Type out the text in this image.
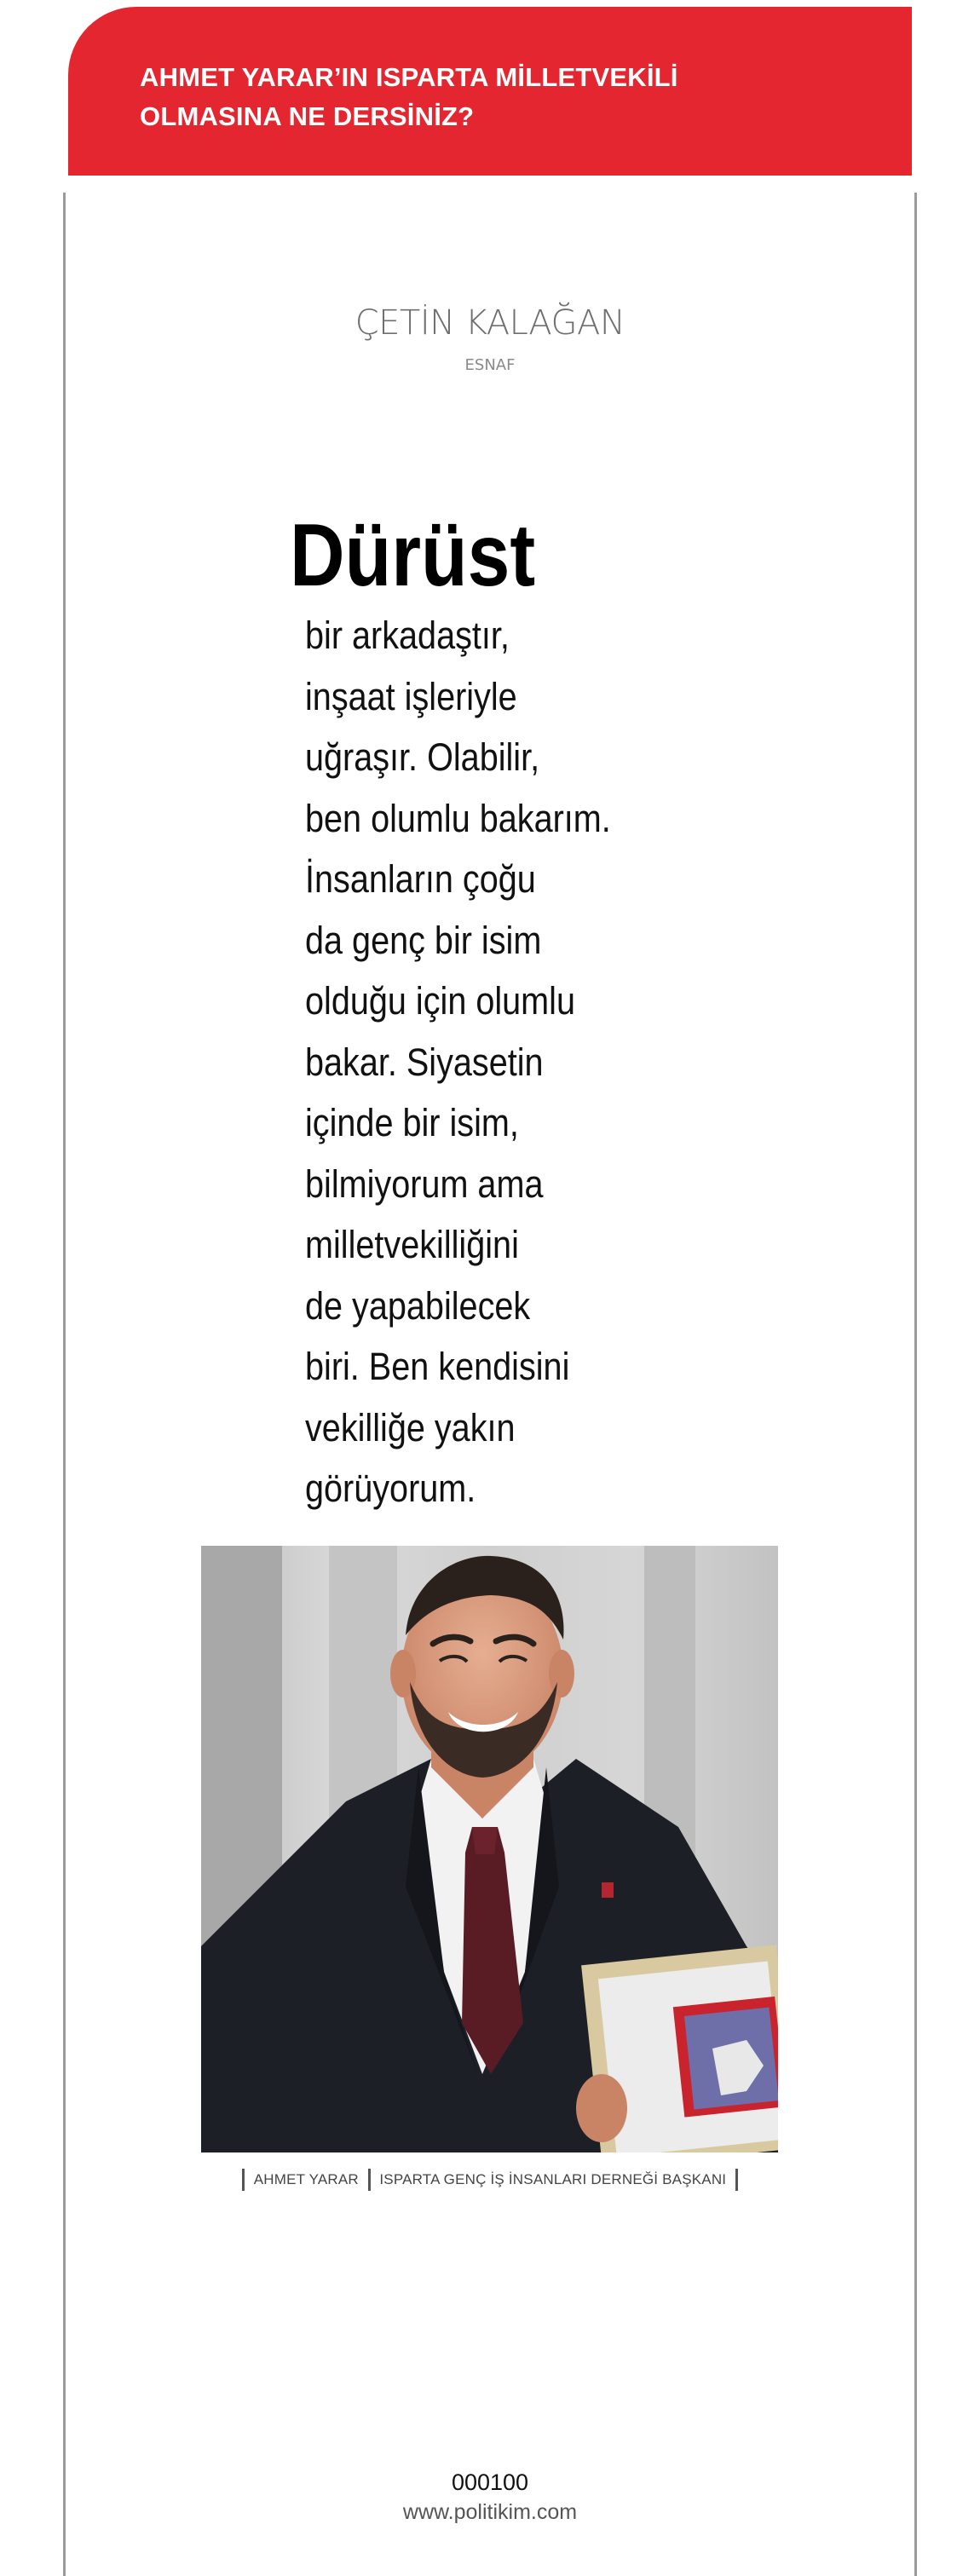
AHMET YARAR’IN ISPARTA MİLLETVEKİLİ OLMASINA NE DERSİNİZ?

ÇETİN KALAĞAN

ESNAF

Dürüst

bir arkadaştır,
inşaat işleriyle
uğraşır. Olabilir,
ben olumlu bakarım.
İnsanların çoğu
da genç bir isim
olduğu için olumlu
bakar. Siyasetin
içinde bir isim,
bilmiyorum ama
milletvekilliğini
de yapabilecek
biri. Ben kendisini
vekilliğe yakın
görüyorum.
AHMET YARAR ISPARTA GENÇ İŞ İNSANLARI DERNEĞİ BAŞKANI

000100

www.politikim.com
